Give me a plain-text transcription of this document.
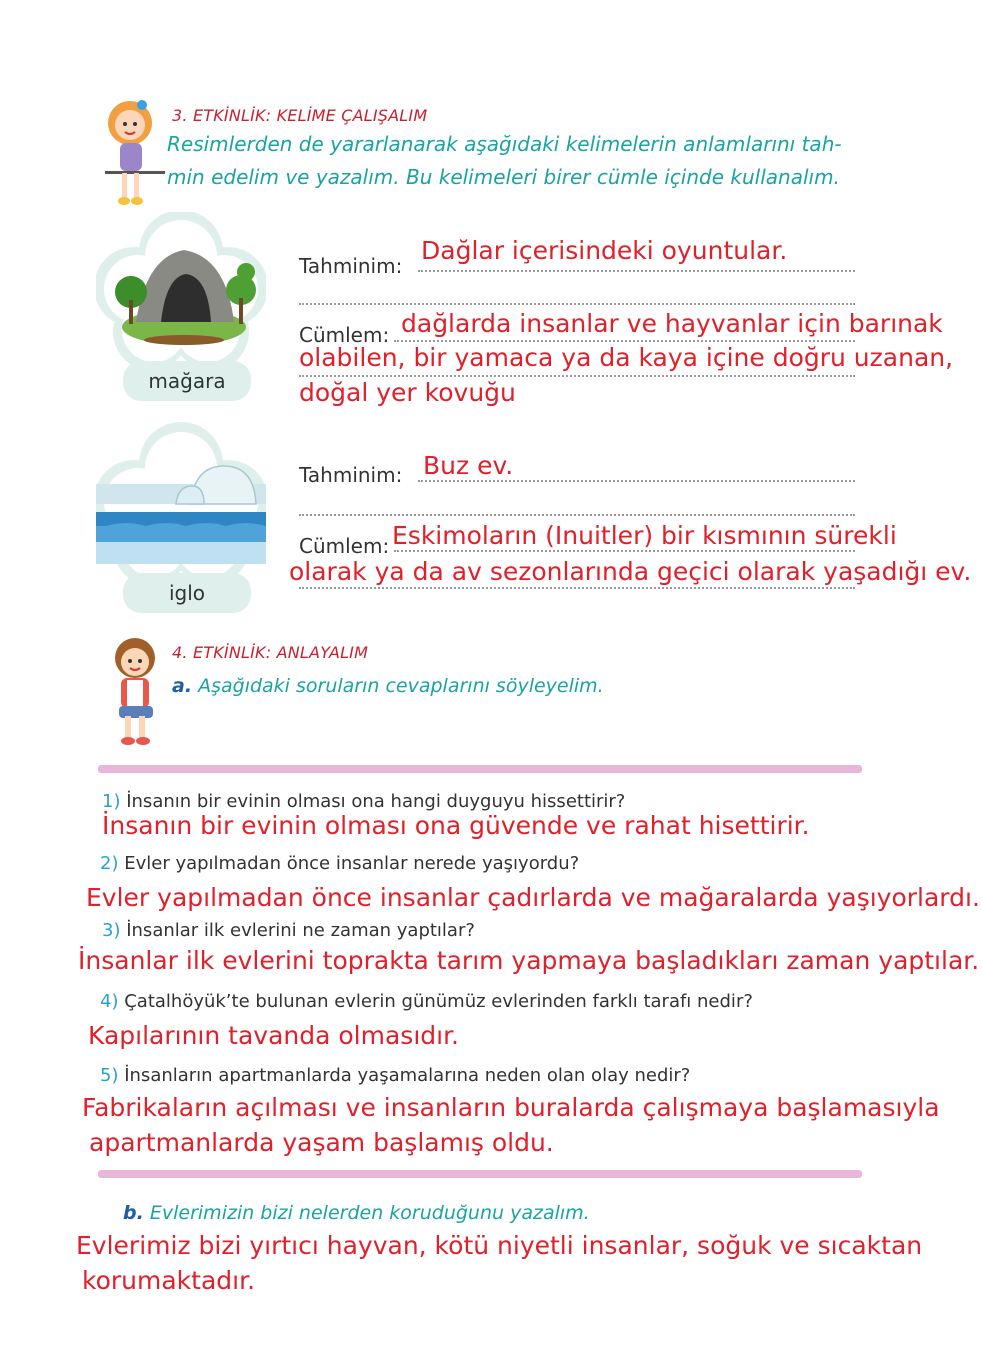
3. ETKİNLİK: KELİME ÇALIŞALIM
Resimlerden de yararlanarak aşağıdaki kelimelerin anlamlarını tah-
min edelim ve yazalım. Bu kelimeleri birer cümle içinde kullanalım.
mağara
Tahminim:
Dağlar içerisindeki oyuntular.
Cümlem: dağlarda insanlar ve hayvanlar için barınak
olabilen, bir yamaca ya da kaya içine doğru uzanan,
doğal yer kovuğu
iglo
Tahminim: Buz ev.
Cümlem: Eskimoların (Inuitler) bir kısmının sürekli
olarak ya da av sezonlarında geçici olarak yaşadığı ev.
4. ETKİNLİK: ANLAYALIM
a. Aşağıdaki soruların cevaplarını söyleyelim.
1) İnsanın bir evinin olması ona hangi duyguyu hissettirir?
İnsanın bir evinin olması ona güvende ve rahat hisettirir.
2) Evler yapılmadan önce insanlar nerede yaşıyordu?
Evler yapılmadan önce insanlar çadırlarda ve mağaralarda yaşıyorlardı.
3) İnsanlar ilk evlerini ne zaman yaptılar?
İnsanlar ilk evlerini toprakta tarım yapmaya başladıkları zaman yaptılar.
4) Çatalhöyük’te bulunan evlerin günümüz evlerinden farklı tarafı nedir?
Kapılarının tavanda olmasıdır.
5) İnsanların apartmanlarda yaşamalarına neden olan olay nedir?
Fabrikaların açılması ve insanların buralarda çalışmaya başlamasıyla
apartmanlarda yaşam başlamış oldu.
b. Evlerimizin bizi nelerden koruduğunu yazalım.
Evlerimiz bizi yırtıcı hayvan, kötü niyetli insanlar, soğuk ve sıcaktan
korumaktadır.
